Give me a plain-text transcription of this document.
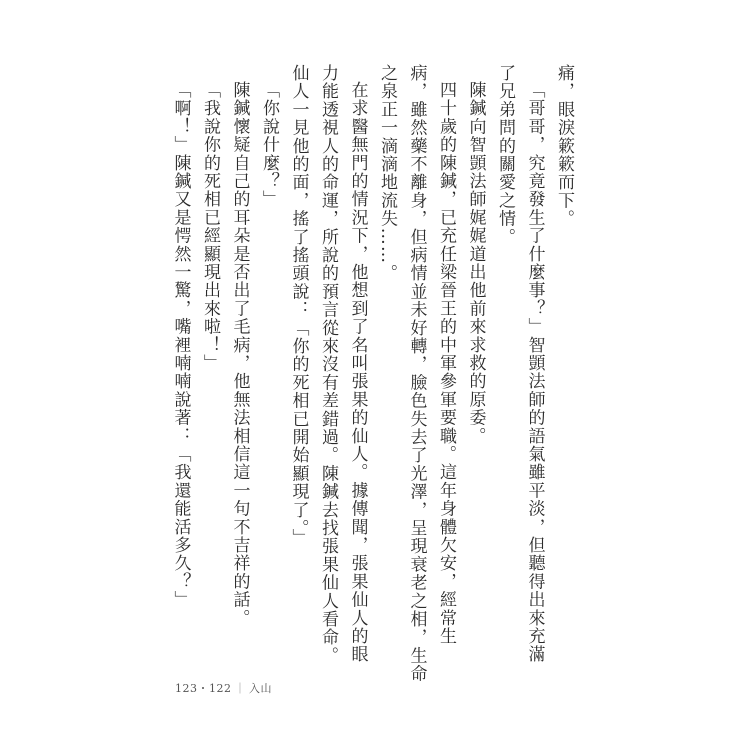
痛，眼淚簌簌而下。

「哥哥，究竟發生了什麼事？」智顗法師的語氣雖平淡，但聽得出來充滿

了兄弟問的關愛之情。

陳鍼向智顗法師娓娓道出他前來求救的原委。

四十歲的陳鍼，已充任梁晉王的中軍參軍要職。這年身體欠安，經常生

病，雖然藥不離身，但病情並未好轉，臉色失去了光澤，呈現衰老之相，生命

之泉正一滴滴地流失……。

在求醫無門的情況下，他想到了名叫張果的仙人。據傳聞，張果仙人的眼

力能透視人的命運，所說的預言從來沒有差錯過。陳鍼去找張果仙人看命。

仙人一見他的面，搖了搖頭說：「你的死相已開始顯現了。」

「你說什麼？」

陳鍼懷疑自己的耳朵是否出了毛病，他無法相信這一句不吉祥的話。

「我說你的死相已經顯現出來啦！」

「啊！」陳鍼又是愕然一驚，嘴裡喃喃說著：「我還能活多久？」

123・122 ｜ 入山
